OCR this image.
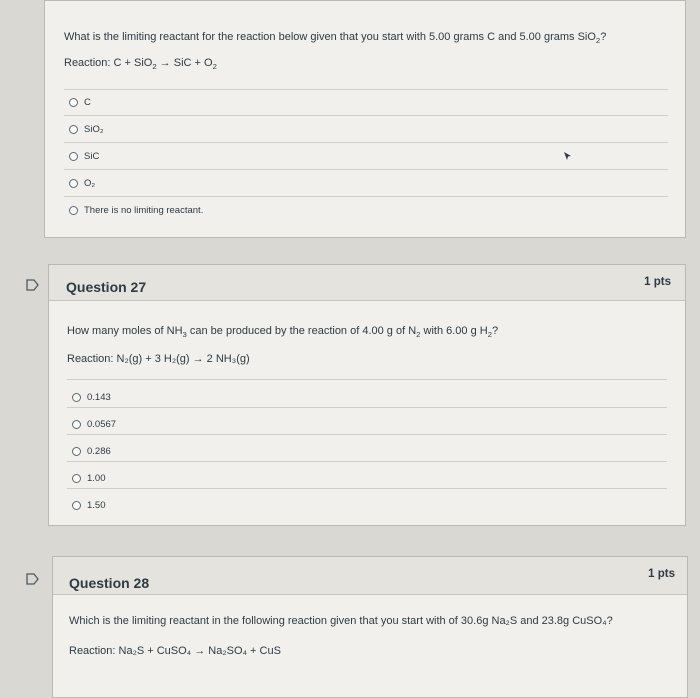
What is the limiting reactant for the reaction below given that you start with 5.00 grams C and 5.00 grams SiO$_2$?
Reaction: C + SiO$_2$ → SiC + $O_2$
C
SiO₂
SiC
O₂
There is no limiting reactant.
Question 27	1 pts
How many moles of $NH_3$ can be produced by the reaction of 4.00 g of $N_2$ with 6.00 g $H_2$?
Reaction: N₂(g) + 3 H₂(g) → 2 NH₃(g)
0.143
0.0567
0.286
1.00
1.50
Question 28
1 pts
Which is the limiting reactant in the following reaction given that you start with of 30.6g Na₂S and 23.8g CuSO₄?
Reaction: Na₂S + CuSO₄ → Na₂SO₄ + CuS
